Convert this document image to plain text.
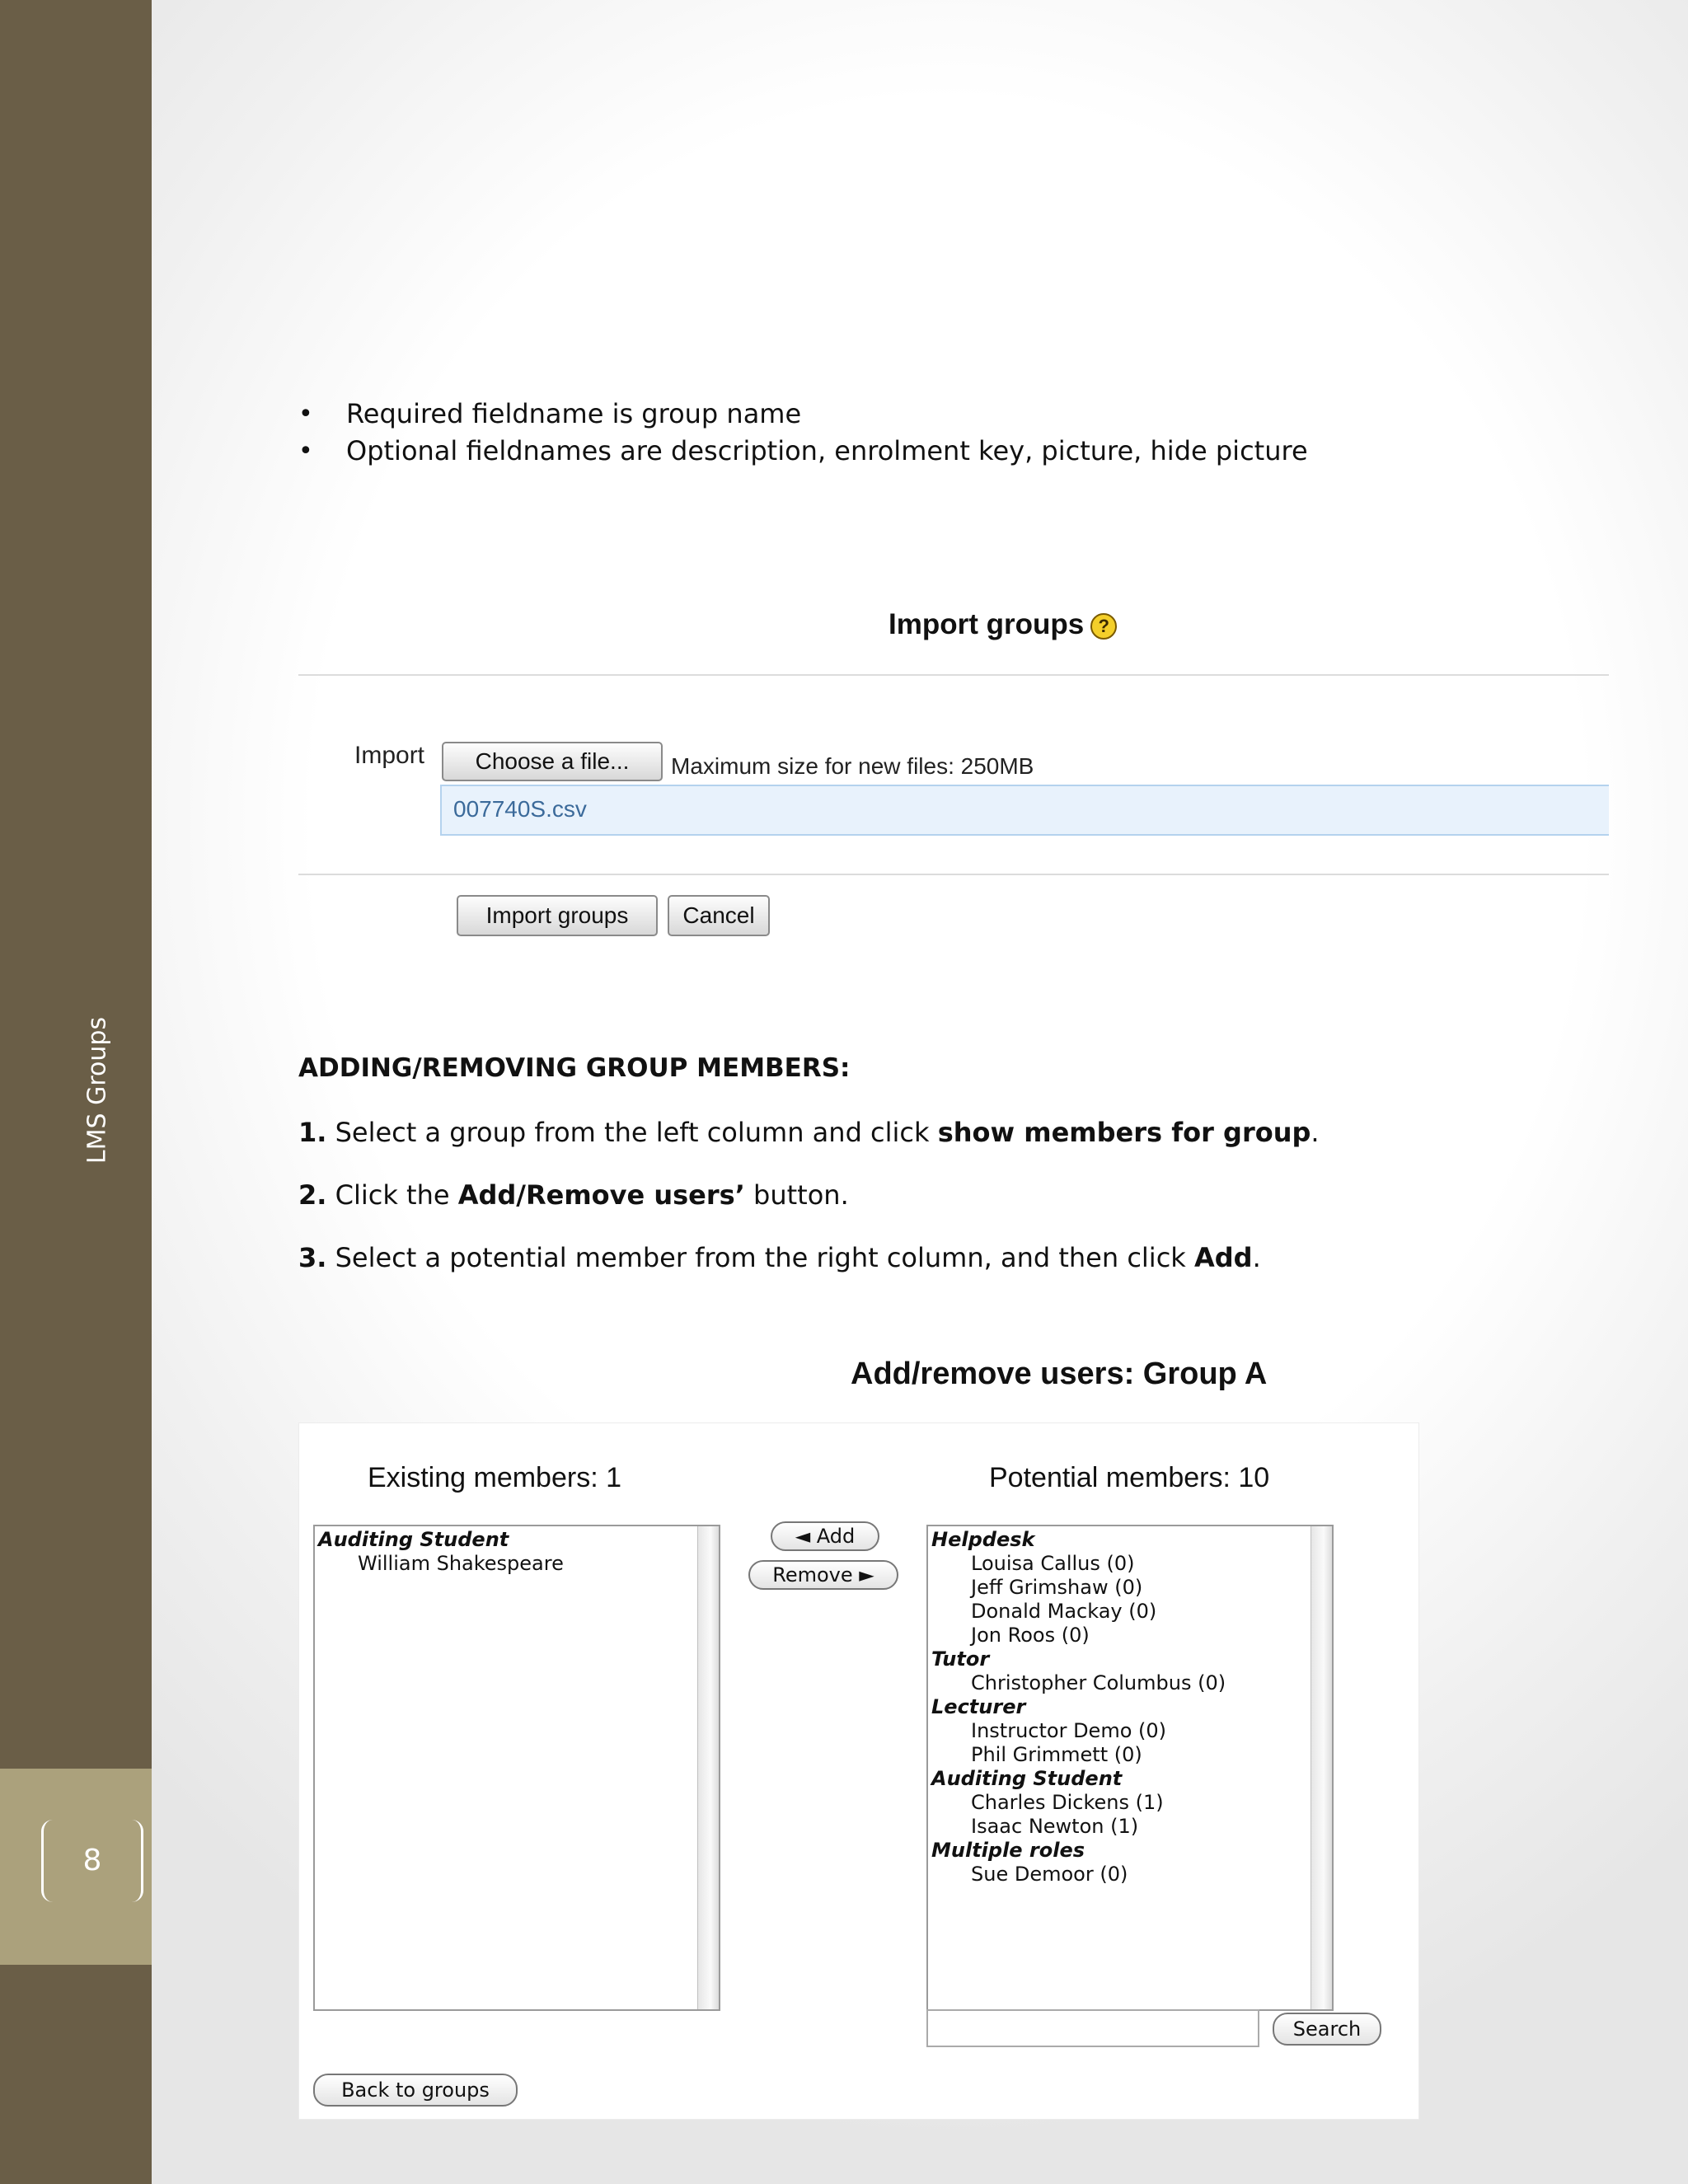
LMS Groups
8
• Required fieldname is group name
• Optional fieldnames are description, enrolment key, picture, hide picture
Import groups ?
Import	Choose a file...	Maximum size for new files: 250MB
007740S.csv
Import groups	Cancel
ADDING/REMOVING GROUP MEMBERS:
1. Select a group from the left column and click show members for group.
2. Click the Add/Remove users’ button.
3. Select a potential member from the right column, and then click Add.
Add/remove users: Group A
Existing members: 1	Potential members: 10
Auditing Student
William Shakespeare
◄ Add
Remove ►
Helpdesk
Louisa Callus (0)
Jeff Grimshaw (0)
Donald Mackay (0)
Jon Roos (0)
Tutor
Christopher Columbus (0)
Lecturer
Instructor Demo (0)
Phil Grimmett (0)
Auditing Student
Charles Dickens (1)
Isaac Newton (1)
Multiple roles
Sue Demoor (0)
Search
Back to groups
